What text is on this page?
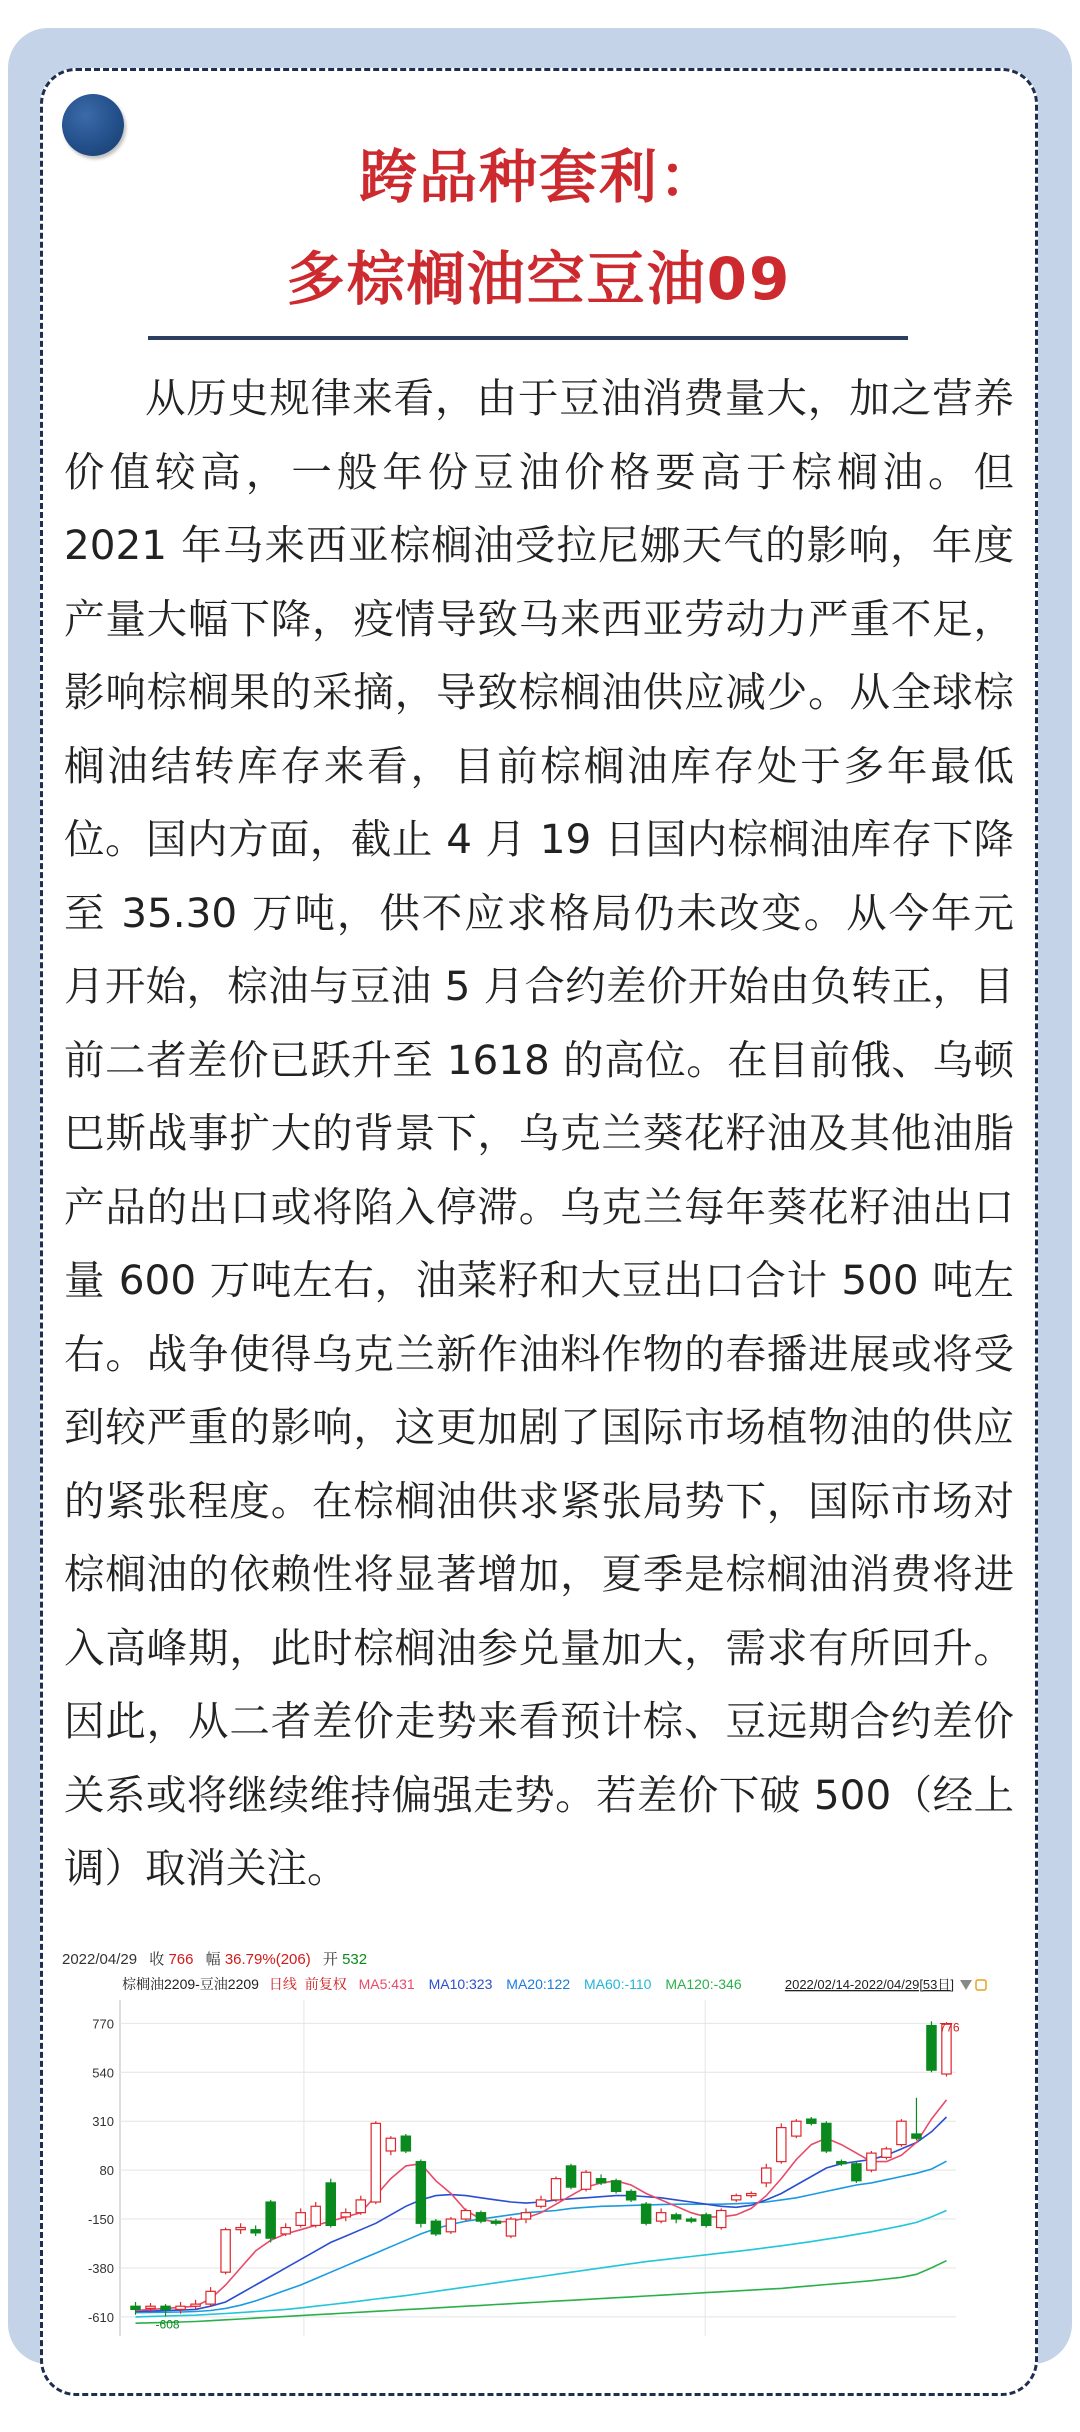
跨品种套利：
多棕榈油空豆油09

从历史规律来看，由于豆油消费量大，加之营养价值较高，一般年份豆油价格要高于棕榈油。但2021 年马来西亚棕榈油受拉尼娜天气的影响，年度产量大幅下降，疫情导致马来西亚劳动力严重不足，影响棕榈果的采摘，导致棕榈油供应减少。从全球棕榈油结转库存来看，目前棕榈油库存处于多年最低位。国内方面，截止 4 月 19 日国内棕榈油库存下降至 35.30 万吨，供不应求格局仍未改变。从今年元月开始，棕油与豆油 5 月合约差价开始由负转正，目前二者差价已跃升至 1618 的高位。在目前俄、乌顿巴斯战事扩大的背景下，乌克兰葵花籽油及其他油脂产品的出口或将陷入停滞。乌克兰每年葵花籽油出口量 600 万吨左右，油菜籽和大豆出口合计 500 吨左右。战争使得乌克兰新作油料作物的春播进展或将受到较严重的影响，这更加剧了国际市场植物油的供应的紧张程度。在棕榈油供求紧张局势下，国际市场对棕榈油的依赖性将显著增加，夏季是棕榈油消费将进入高峰期，此时棕榈油参兑量加大，需求有所回升。因此，从二者差价走势来看预计棕、豆远期合约差价关系或将继续维持偏强走势。若差价下破 500（经上调）取消关注。

2022/04/29 收 766 幅 36.79%(206) 开 532
棕榈油2209-豆油2209 日线 前复权 MA5:431 MA10:323 MA20:122 MA60:-110 MA120:-346	2022/02/14-2022/04/29[53日]
770
540
310
80
-150
-380
-610	-608
776
